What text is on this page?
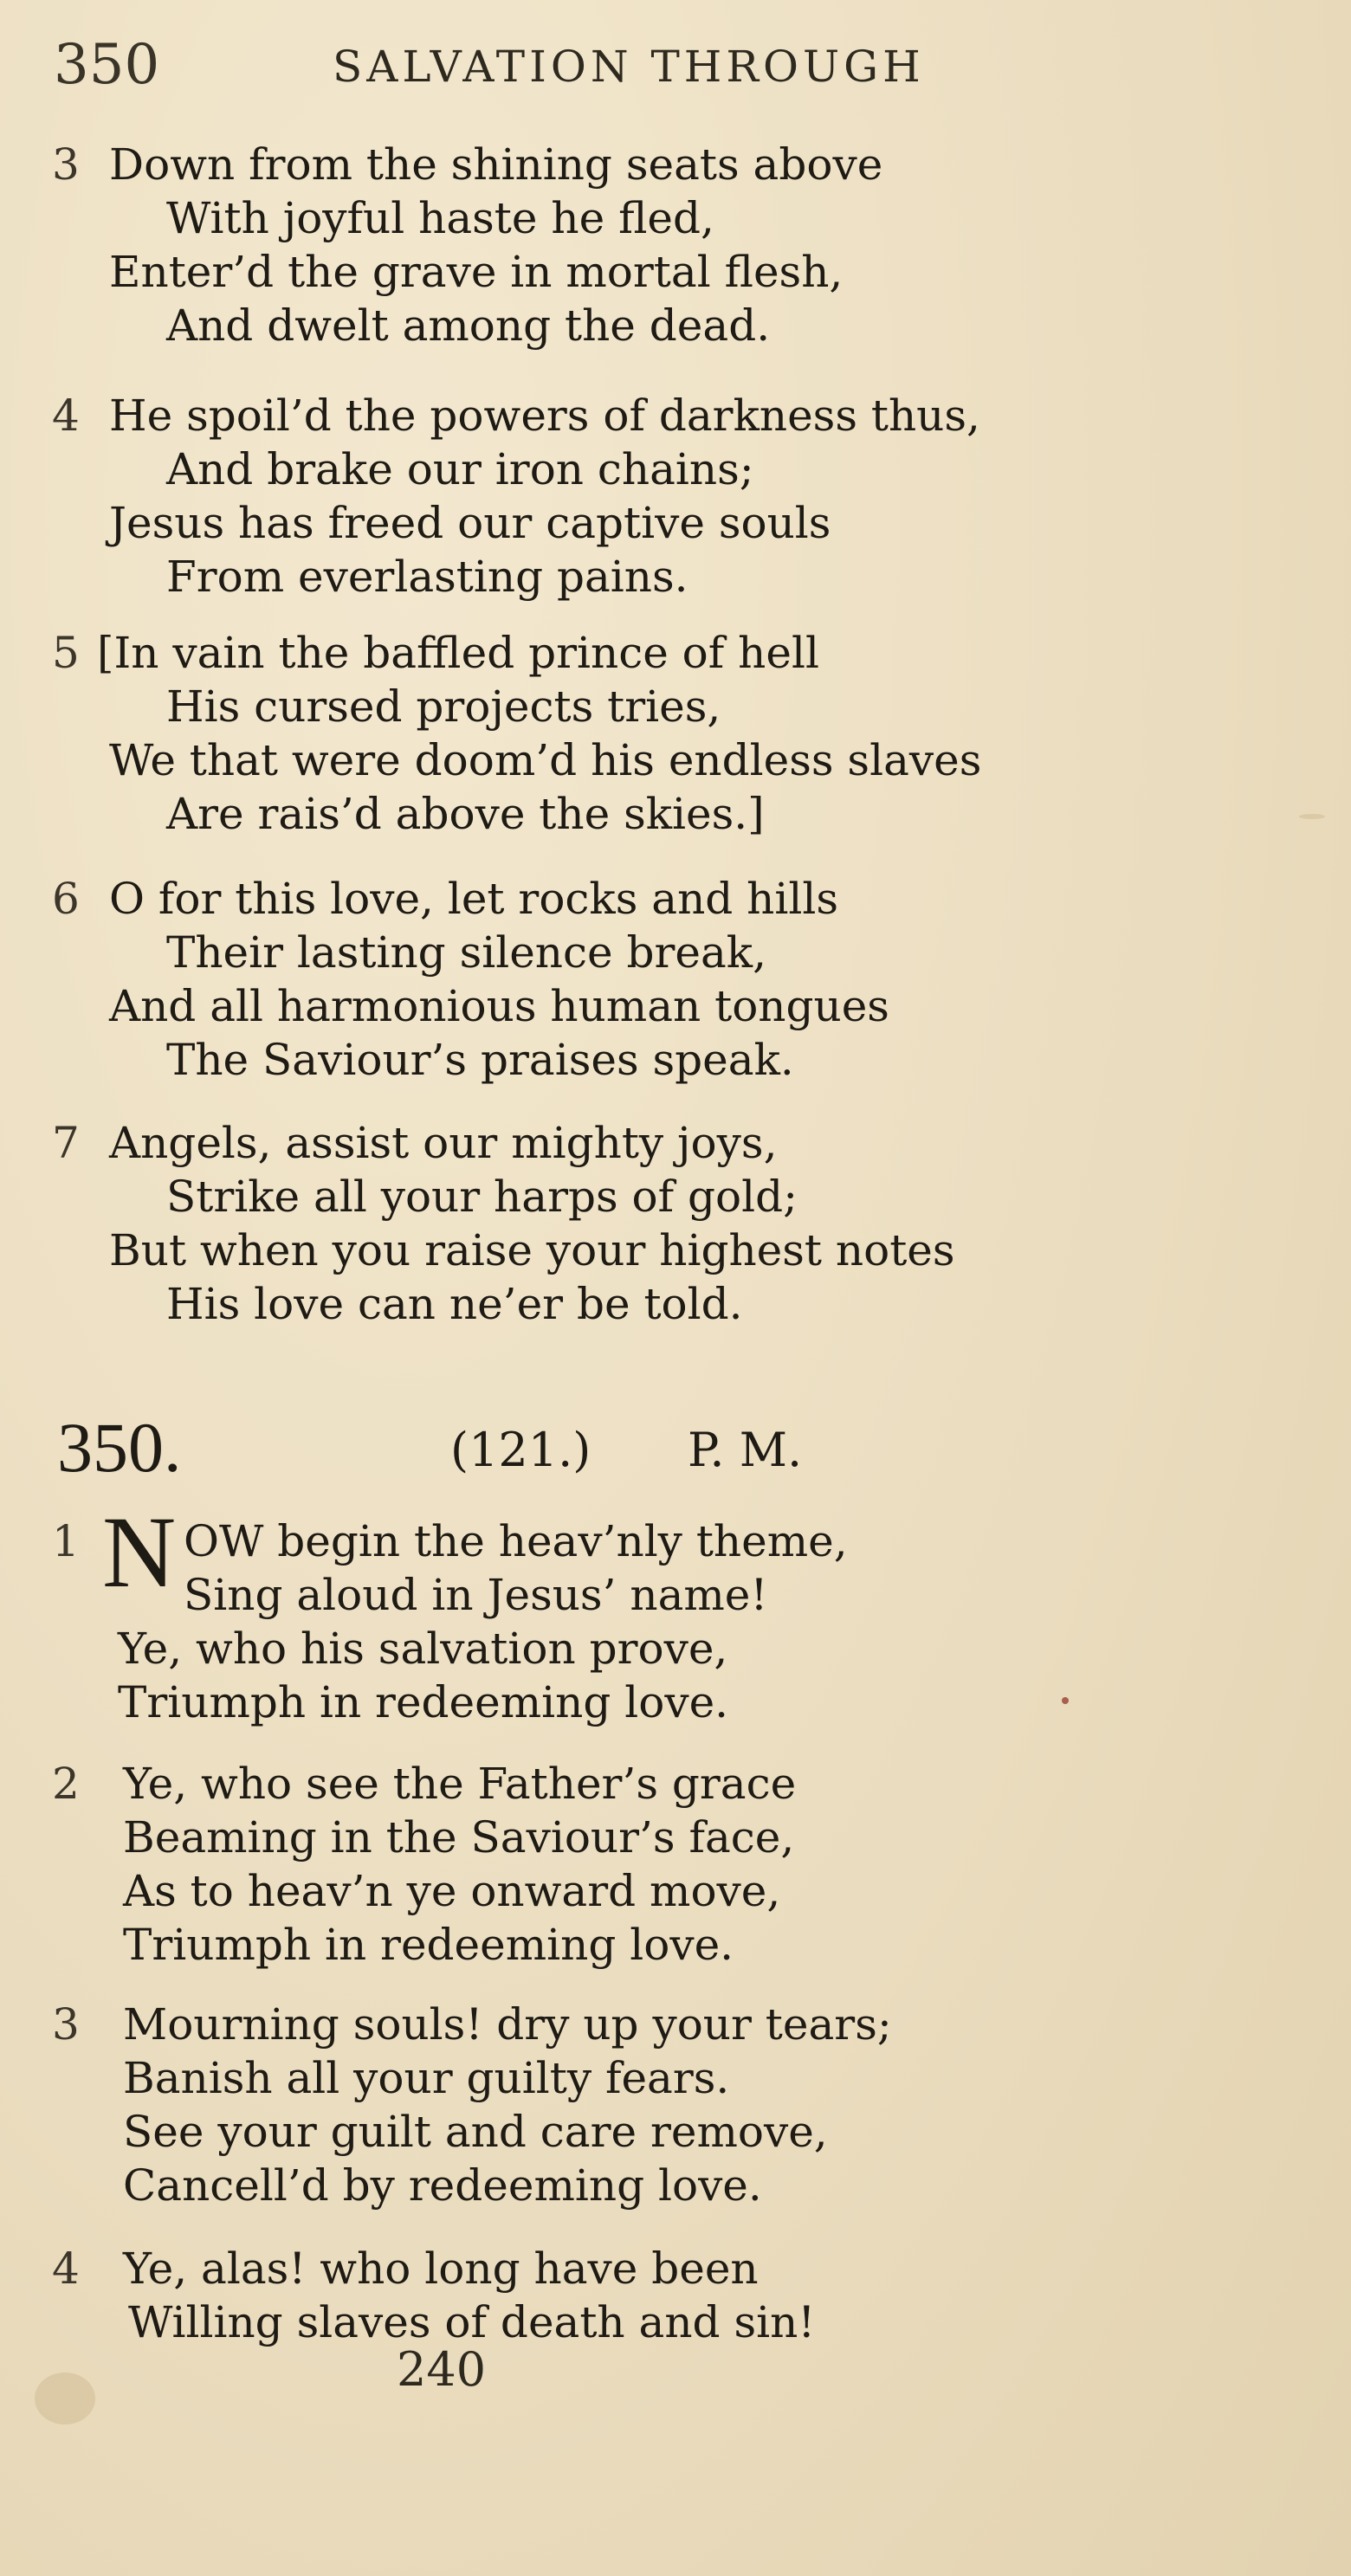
350	SALVATION THROUGH
3 Down from the shining seats above
With joyful haste he fled,
Enter’d the grave in mortal flesh,
And dwelt among the dead.
4 He spoil’d the powers of darkness thus,
And brake our iron chains;
Jesus has freed our captive souls
From everlasting pains.
5 [In vain the baffled prince of hell
His cursed projects tries,
We that were doom’d his endless slaves
Are rais’d above the skies.]
6 O for this love, let rocks and hills
Their lasting silence break,
And all harmonious human tongues
The Saviour’s praises speak.
7 Angels, assist our mighty joys,
Strike all your harps of gold;
But when you raise your highest notes
His love can ne’er be told.
350.	(121.) P. M.
1 N OW begin the heav’nly theme,
Sing aloud in Jesus’ name!
Ye, who his salvation prove,
Triumph in redeeming love.
2 Ye, who see the Father’s grace
Beaming in the Saviour’s face,
As to heav’n ye onward move,
Triumph in redeeming love.
3 Mourning souls! dry up your tears;
Banish all your guilty fears.
See your guilt and care remove,
Cancell’d by redeeming love.
4 Ye, alas! who long have been
Willing slaves of death and sin!
240
